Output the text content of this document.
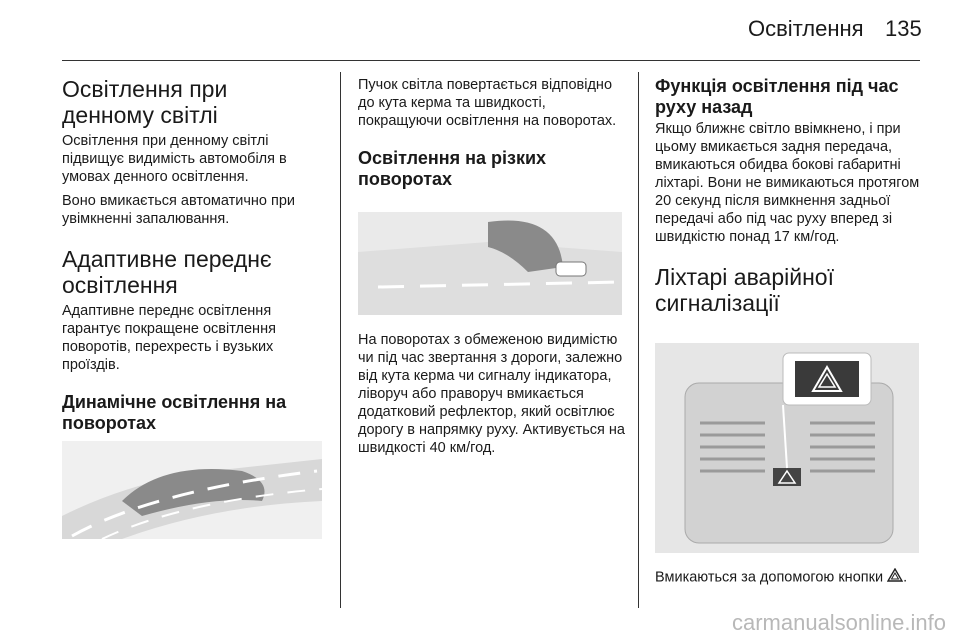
Освітлення 135
Освітлення при денному світлі

Освітлення при денному світлі підвищує видимість автомобіля в умовах денного освітлення.

Воно вмикається автоматично при увімкненні запалювання.

Адаптивне переднє освітлення

Адаптивне переднє освітлення гарантує покращене освітлення поворотів, перехресть і вузьких проїздів.

Динамічне освітлення на поворотах

Пучок світла повертається відповідно до кута керма та швидкості, покращуючи освітлення на поворотах.

Освітлення на різких поворотах

На поворотах з обмеженою видимістю чи під час звертання з дороги, залежно від кута керма чи сигналу індикатора, ліворуч або праворуч вмикається додатковий рефлектор, який освітлює дорогу в напрямку руху. Активується на швидкості 40 км/год.

Функція освітлення під час руху назад

Якщо ближнє світло ввімкнено, і при цьому вмикається задня передача, вмикаються обидва бокові габаритні ліхтарі. Вони не вимикаються протягом 20 секунд після вимкнення задньої передачі або під час руху вперед зі швидкістю понад 17 км/год.

Ліхтарі аварійної сигналізації

Вмикаються за допомогою кнопки .

carmanualsonline.info
